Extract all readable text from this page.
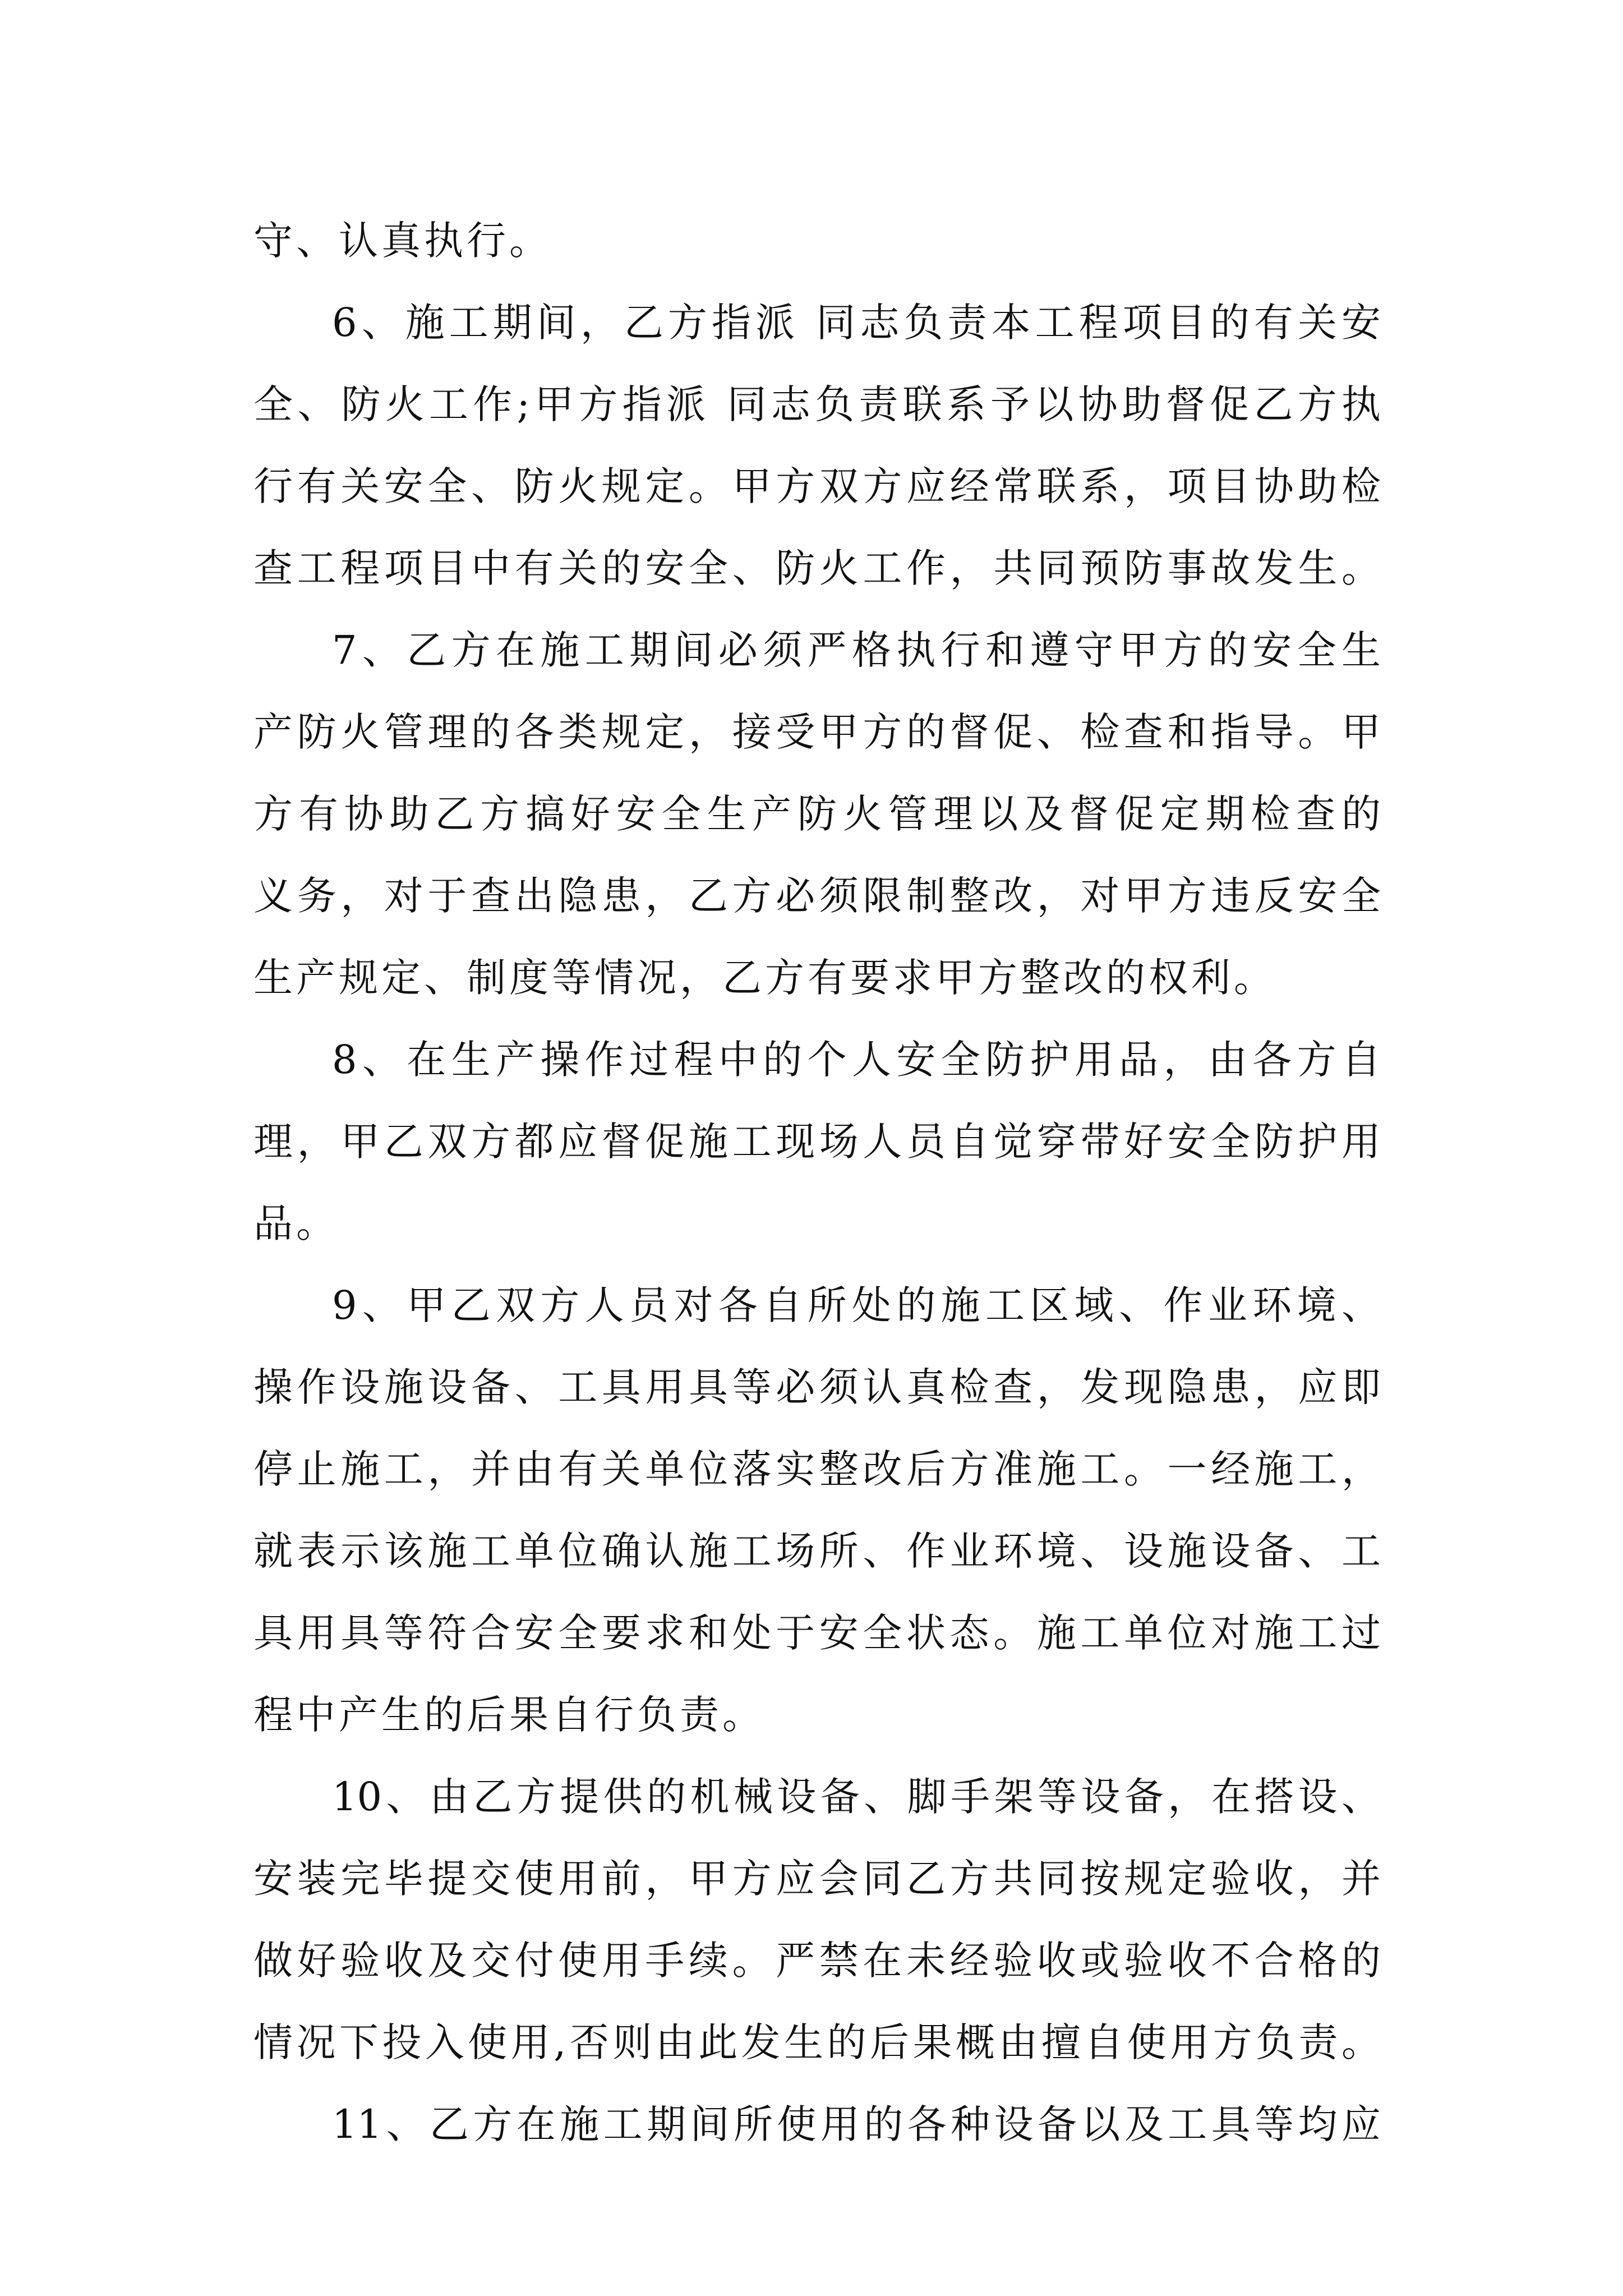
守、认真执行。
6、施工期间，乙方指派 同志负责本工程项目的有关安
全、防火工作;甲方指派 同志负责联系予以协助督促乙方执
行有关安全、防火规定。甲方双方应经常联系，项目协助检
查工程项目中有关的安全、防火工作，共同预防事故发生。
7、乙方在施工期间必须严格执行和遵守甲方的安全生
产防火管理的各类规定，接受甲方的督促、检查和指导。甲
方有协助乙方搞好安全生产防火管理以及督促定期检查的
义务，对于查出隐患，乙方必须限制整改，对甲方违反安全
生产规定、制度等情况，乙方有要求甲方整改的权利。
8、在生产操作过程中的个人安全防护用品，由各方自
理，甲乙双方都应督促施工现场人员自觉穿带好安全防护用
品。
9、甲乙双方人员对各自所处的施工区域、作业环境、
操作设施设备、工具用具等必须认真检查，发现隐患，应即
停止施工，并由有关单位落实整改后方准施工。一经施工，
就表示该施工单位确认施工场所、作业环境、设施设备、工
具用具等符合安全要求和处于安全状态。施工单位对施工过
程中产生的后果自行负责。
10、由乙方提供的机械设备、脚手架等设备，在搭设、
安装完毕提交使用前，甲方应会同乙方共同按规定验收，并
做好验收及交付使用手续。严禁在未经验收或验收不合格的
情况下投入使用,否则由此发生的后果概由擅自使用方负责。
11、乙方在施工期间所使用的各种设备以及工具等均应
